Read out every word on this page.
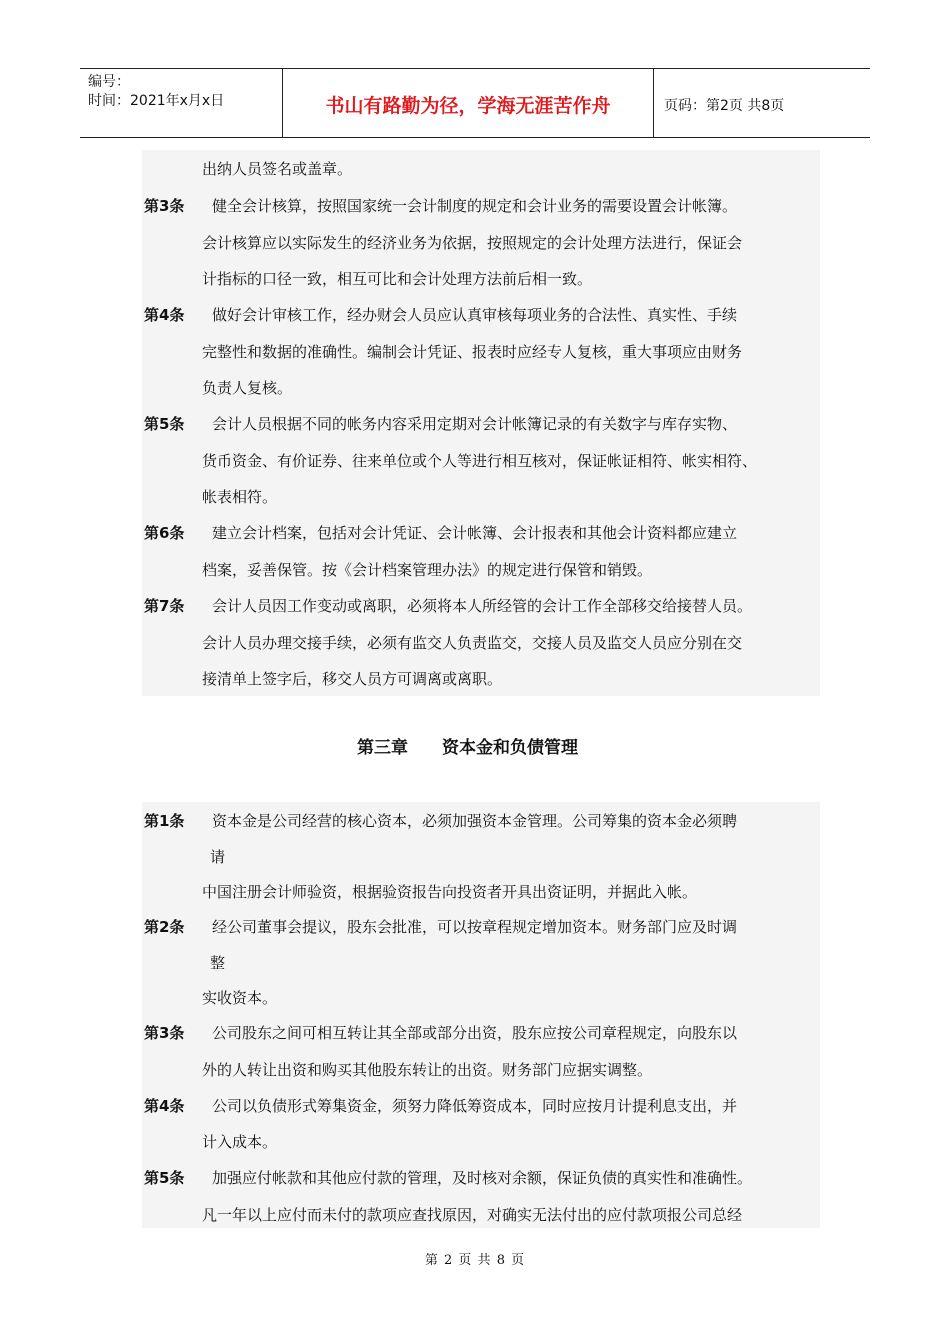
编号：
时间：2021年x月x日	书山有路勤为径，学海无涯苦作舟	页码：第2页 共8页
出纳人员签名或盖章。
第3条 健全会计核算，按照国家统一会计制度的规定和会计业务的需要设置会计帐簿。
会计核算应以实际发生的经济业务为依据，按照规定的会计处理方法进行，保证会
计指标的口径一致，相互可比和会计处理方法前后相一致。
第4条 做好会计审核工作，经办财会人员应认真审核每项业务的合法性、真实性、手续
完整性和数据的准确性。编制会计凭证、报表时应经专人复核，重大事项应由财务
负责人复核。
第5条 会计人员根据不同的帐务内容采用定期对会计帐簿记录的有关数字与库存实物、
货币资金、有价证券、往来单位或个人等进行相互核对，保证帐证相符、帐实相符、
帐表相符。
第6条 建立会计档案，包括对会计凭证、会计帐簿、会计报表和其他会计资料都应建立
档案，妥善保管。按《会计档案管理办法》的规定进行保管和销毁。
第7条 会计人员因工作变动或离职，必须将本人所经管的会计工作全部移交给接替人员。
会计人员办理交接手续，必须有监交人负责监交，交接人员及监交人员应分别在交
接清单上签字后，移交人员方可调离或离职。
第三章 资本金和负债管理
第1条 资本金是公司经营的核心资本，必须加强资本金管理。公司筹集的资本金必须聘
请
中国注册会计师验资，根据验资报告向投资者开具出资证明，并据此入帐。
第2条 经公司董事会提议，股东会批准，可以按章程规定增加资本。财务部门应及时调
整
实收资本。
第3条 公司股东之间可相互转让其全部或部分出资，股东应按公司章程规定，向股东以
外的人转让出资和购买其他股东转让的出资。财务部门应据实调整。
第4条 公司以负债形式筹集资金，须努力降低筹资成本，同时应按月计提利息支出，并
计入成本。
第5条 加强应付帐款和其他应付款的管理，及时核对余额，保证负债的真实性和准确性。
凡一年以上应付而未付的款项应查找原因，对确实无法付出的应付款项报公司总经
第 2 页 共 8 页
